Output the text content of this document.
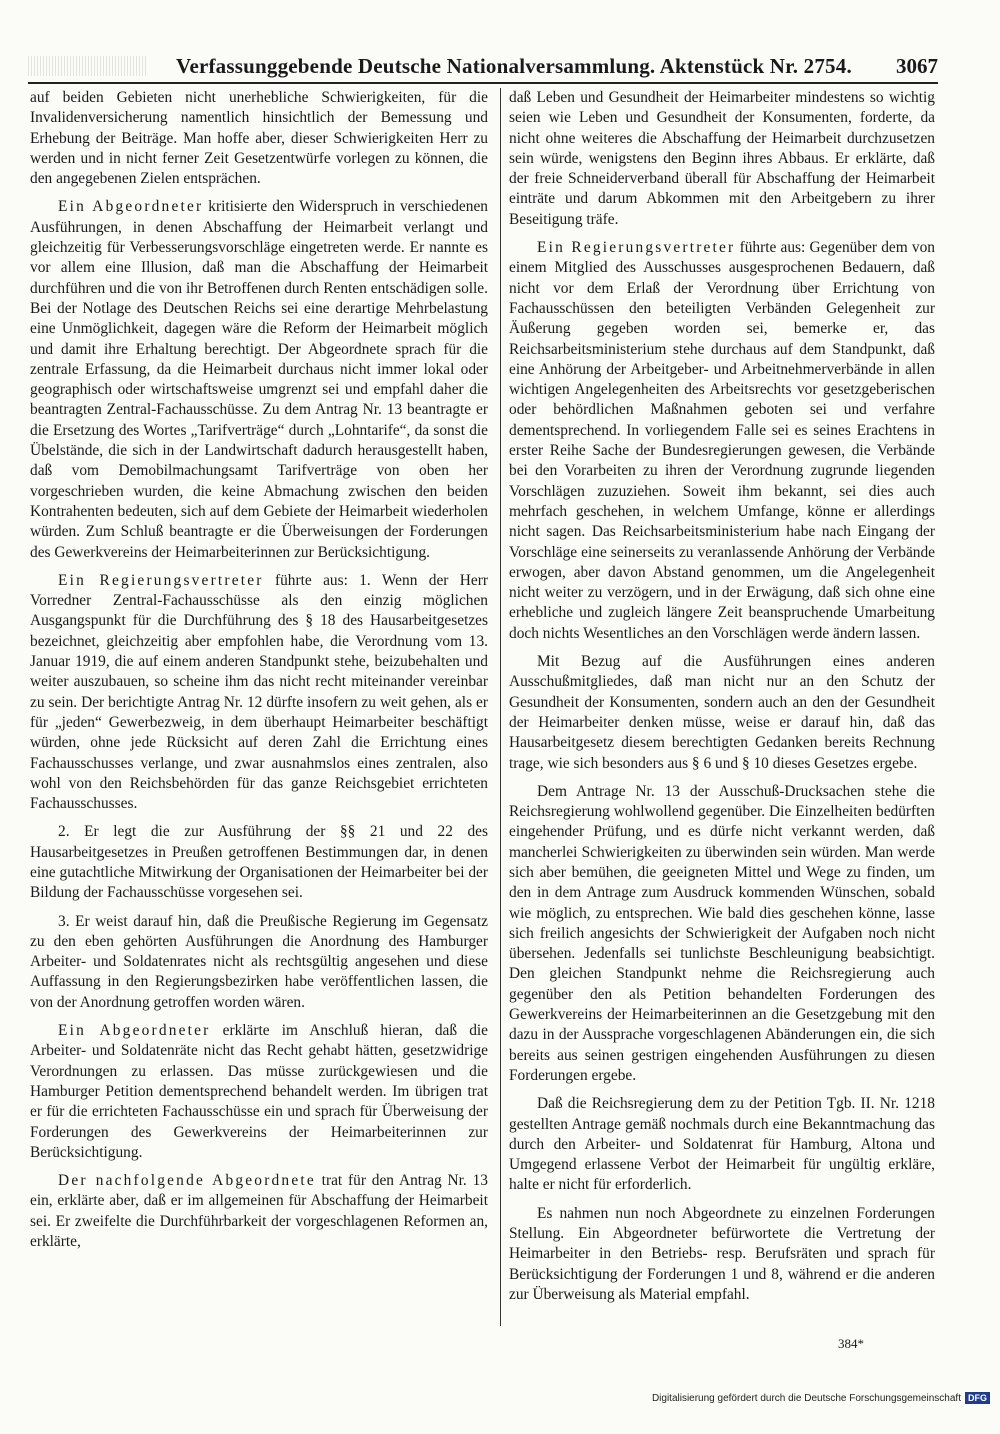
Verfassunggebende Deutsche Nationalversammlung. Aktenstück Nr. 2754. 3067

auf beiden Gebieten nicht unerhebliche Schwierigkeiten, für die Invalidenversicherung namentlich hinsichtlich der Bemessung und Erhebung der Beiträge. Man hoffe aber, dieser Schwierigkeiten Herr zu werden und in nicht ferner Zeit Gesetzentwürfe vorlegen zu können, die den angegebenen Zielen entsprächen.

Ein Abgeordneter kritisierte den Widerspruch in verschiedenen Ausführungen, in denen Abschaffung der Heimarbeit verlangt und gleichzeitig für Verbesserungsvorschläge eingetreten werde. Er nannte es vor allem eine Illusion, daß man die Abschaffung der Heimarbeit durchführen und die von ihr Betroffenen durch Renten entschädigen solle. Bei der Notlage des Deutschen Reichs sei eine derartige Mehrbelastung eine Unmöglichkeit, dagegen wäre die Reform der Heimarbeit möglich und damit ihre Erhaltung berechtigt. Der Abgeordnete sprach für die zentrale Erfassung, da die Heimarbeit durchaus nicht immer lokal oder geographisch oder wirtschaftsweise umgrenzt sei und empfahl daher die beantragten Zentral-Fachausschüsse. Zu dem Antrag Nr. 13 beantragte er die Ersetzung des Wortes „Tarifverträge“ durch „Lohntarife“, da sonst die Übelstände, die sich in der Landwirtschaft dadurch herausgestellt haben, daß vom Demobilmachungsamt Tarifverträge von oben her vorgeschrieben wurden, die keine Abmachung zwischen den beiden Kontrahenten bedeuten, sich auf dem Gebiete der Heimarbeit wiederholen würden. Zum Schluß beantragte er die Überweisungen der Forderungen des Gewerkvereins der Heimarbeiterinnen zur Berücksichtigung.

Ein Regierungsvertreter führte aus: 1. Wenn der Herr Vorredner Zentral-Fachausschüsse als den einzig möglichen Ausgangspunkt für die Durchführung des § 18 des Hausarbeitgesetzes bezeichnet, gleichzeitig aber empfohlen habe, die Verordnung vom 13. Januar 1919, die auf einem anderen Standpunkt stehe, beizubehalten und weiter auszubauen, so scheine ihm das nicht recht miteinander vereinbar zu sein. Der berichtigte Antrag Nr. 12 dürfte insofern zu weit gehen, als er für „jeden“ Gewerbezweig, in dem überhaupt Heimarbeiter beschäftigt würden, ohne jede Rücksicht auf deren Zahl die Errichtung eines Fachausschusses verlange, und zwar ausnahmslos eines zentralen, also wohl von den Reichsbehörden für das ganze Reichsgebiet errichteten Fachausschusses.

2. Er legt die zur Ausführung der §§ 21 und 22 des Hausarbeitgesetzes in Preußen getroffenen Bestimmungen dar, in denen eine gutachtliche Mitwirkung der Organisationen der Heimarbeiter bei der Bildung der Fachausschüsse vorgesehen sei.

3. Er weist darauf hin, daß die Preußische Regierung im Gegensatz zu den eben gehörten Ausführungen die Anordnung des Hamburger Arbeiter- und Soldatenrates nicht als rechtsgültig angesehen und diese Auffassung in den Regierungsbezirken habe veröffentlichen lassen, die von der Anordnung getroffen worden wären.

Ein Abgeordneter erklärte im Anschluß hieran, daß die Arbeiter- und Soldatenräte nicht das Recht gehabt hätten, gesetzwidrige Verordnungen zu erlassen. Das müsse zurückgewiesen und die Hamburger Petition dementsprechend behandelt werden. Im übrigen trat er für die errichteten Fachausschüsse ein und sprach für Überweisung der Forderungen des Gewerkvereins der Heimarbeiterinnen zur Berücksichtigung.

Der nachfolgende Abgeordnete trat für den Antrag Nr. 13 ein, erklärte aber, daß er im allgemeinen für Abschaffung der Heimarbeit sei. Er zweifelte die Durchführbarkeit der vorgeschlagenen Reformen an, erklärte,

daß Leben und Gesundheit der Heimarbeiter mindestens so wichtig seien wie Leben und Gesundheit der Konsumenten, forderte, da nicht ohne weiteres die Abschaffung der Heimarbeit durchzusetzen sein würde, wenigstens den Beginn ihres Abbaus. Er erklärte, daß der freie Schneiderverband überall für Abschaffung der Heimarbeit einträte und darum Abkommen mit den Arbeitgebern zu ihrer Beseitigung träfe.

Ein Regierungsvertreter führte aus: Gegenüber dem von einem Mitglied des Ausschusses ausgesprochenen Bedauern, daß nicht vor dem Erlaß der Verordnung über Errichtung von Fachausschüssen den beteiligten Verbänden Gelegenheit zur Äußerung gegeben worden sei, bemerke er, das Reichsarbeitsministerium stehe durchaus auf dem Standpunkt, daß eine Anhörung der Arbeitgeber- und Arbeitnehmerverbände in allen wichtigen Angelegenheiten des Arbeitsrechts vor gesetzgeberischen oder behördlichen Maßnahmen geboten sei und verfahre dementsprechend. In vorliegendem Falle sei es seines Erachtens in erster Reihe Sache der Bundesregierungen gewesen, die Verbände bei den Vorarbeiten zu ihren der Verordnung zugrunde liegenden Vorschlägen zuzuziehen. Soweit ihm bekannt, sei dies auch mehrfach geschehen, in welchem Umfange, könne er allerdings nicht sagen. Das Reichsarbeitsministerium habe nach Eingang der Vorschläge eine seinerseits zu veranlassende Anhörung der Verbände erwogen, aber davon Abstand genommen, um die Angelegenheit nicht weiter zu verzögern, und in der Erwägung, daß sich ohne eine erhebliche und zugleich längere Zeit beanspruchende Umarbeitung doch nichts Wesentliches an den Vorschlägen werde ändern lassen.

Mit Bezug auf die Ausführungen eines anderen Ausschußmitgliedes, daß man nicht nur an den Schutz der Gesundheit der Konsumenten, sondern auch an den der Gesundheit der Heimarbeiter denken müsse, weise er darauf hin, daß das Hausarbeitgesetz diesem berechtigten Gedanken bereits Rechnung trage, wie sich besonders aus § 6 und § 10 dieses Gesetzes ergebe.

Dem Antrage Nr. 13 der Ausschuß-Drucksachen stehe die Reichsregierung wohlwollend gegenüber. Die Einzelheiten bedürften eingehender Prüfung, und es dürfe nicht verkannt werden, daß mancherlei Schwierigkeiten zu überwinden sein würden. Man werde sich aber bemühen, die geeigneten Mittel und Wege zu finden, um den in dem Antrage zum Ausdruck kommenden Wünschen, sobald wie möglich, zu entsprechen. Wie bald dies geschehen könne, lasse sich freilich angesichts der Schwierigkeit der Aufgaben noch nicht übersehen. Jedenfalls sei tunlichste Beschleunigung beabsichtigt. Den gleichen Standpunkt nehme die Reichsregierung auch gegenüber den als Petition behandelten Forderungen des Gewerkvereins der Heimarbeiterinnen an die Gesetzgebung mit den dazu in der Aussprache vorgeschlagenen Abänderungen ein, die sich bereits aus seinen gestrigen eingehenden Ausführungen zu diesen Forderungen ergebe.

Daß die Reichsregierung dem zu der Petition Tgb. II. Nr. 1218 gestellten Antrage gemäß nochmals durch eine Bekanntmachung das durch den Arbeiter- und Soldatenrat für Hamburg, Altona und Umgegend erlassene Verbot der Heimarbeit für ungültig erkläre, halte er nicht für erforderlich.

Es nahmen nun noch Abgeordnete zu einzelnen Forderungen Stellung. Ein Abgeordneter befürwortete die Vertretung der Heimarbeiter in den Betriebs- resp. Berufsräten und sprach für Berücksichtigung der Forderungen 1 und 8, während er die anderen zur Überweisung als Material empfahl.

384*
Digitalisierung gefördert durch die Deutsche Forschungsgemeinschaft DFG
